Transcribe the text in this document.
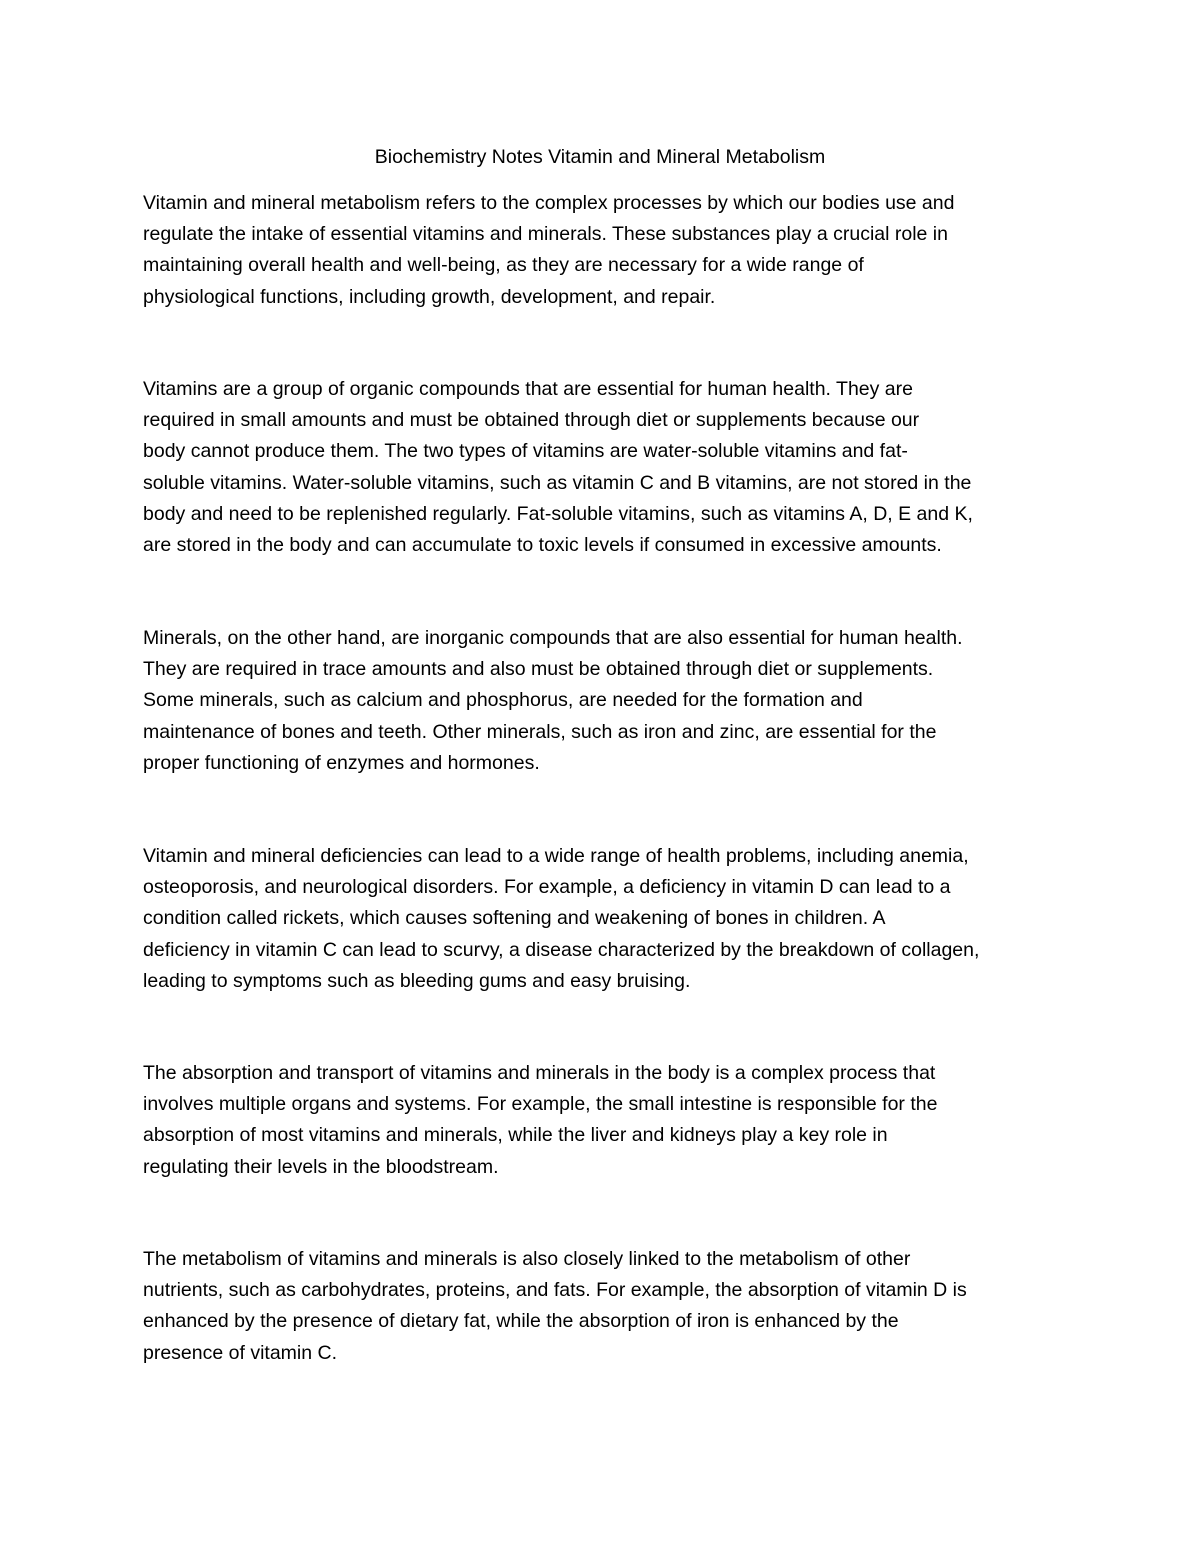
Biochemistry Notes Vitamin and Mineral Metabolism

Vitamin and mineral metabolism refers to the complex processes by which our bodies use and
regulate the intake of essential vitamins and minerals. These substances play a crucial role in
maintaining overall health and well-being, as they are necessary for a wide range of
physiological functions, including growth, development, and repair.

Vitamins are a group of organic compounds that are essential for human health. They are
required in small amounts and must be obtained through diet or supplements because our
body cannot produce them. The two types of vitamins are water-soluble vitamins and fat-
soluble vitamins. Water-soluble vitamins, such as vitamin C and B vitamins, are not stored in the
body and need to be replenished regularly. Fat-soluble vitamins, such as vitamins A, D, E and K,
are stored in the body and can accumulate to toxic levels if consumed in excessive amounts.

Minerals, on the other hand, are inorganic compounds that are also essential for human health.
They are required in trace amounts and also must be obtained through diet or supplements.
Some minerals, such as calcium and phosphorus, are needed for the formation and
maintenance of bones and teeth. Other minerals, such as iron and zinc, are essential for the
proper functioning of enzymes and hormones.

Vitamin and mineral deficiencies can lead to a wide range of health problems, including anemia,
osteoporosis, and neurological disorders. For example, a deficiency in vitamin D can lead to a
condition called rickets, which causes softening and weakening of bones in children. A
deficiency in vitamin C can lead to scurvy, a disease characterized by the breakdown of collagen,
leading to symptoms such as bleeding gums and easy bruising.

The absorption and transport of vitamins and minerals in the body is a complex process that
involves multiple organs and systems. For example, the small intestine is responsible for the
absorption of most vitamins and minerals, while the liver and kidneys play a key role in
regulating their levels in the bloodstream.

The metabolism of vitamins and minerals is also closely linked to the metabolism of other
nutrients, such as carbohydrates, proteins, and fats. For example, the absorption of vitamin D is
enhanced by the presence of dietary fat, while the absorption of iron is enhanced by the
presence of vitamin C.
